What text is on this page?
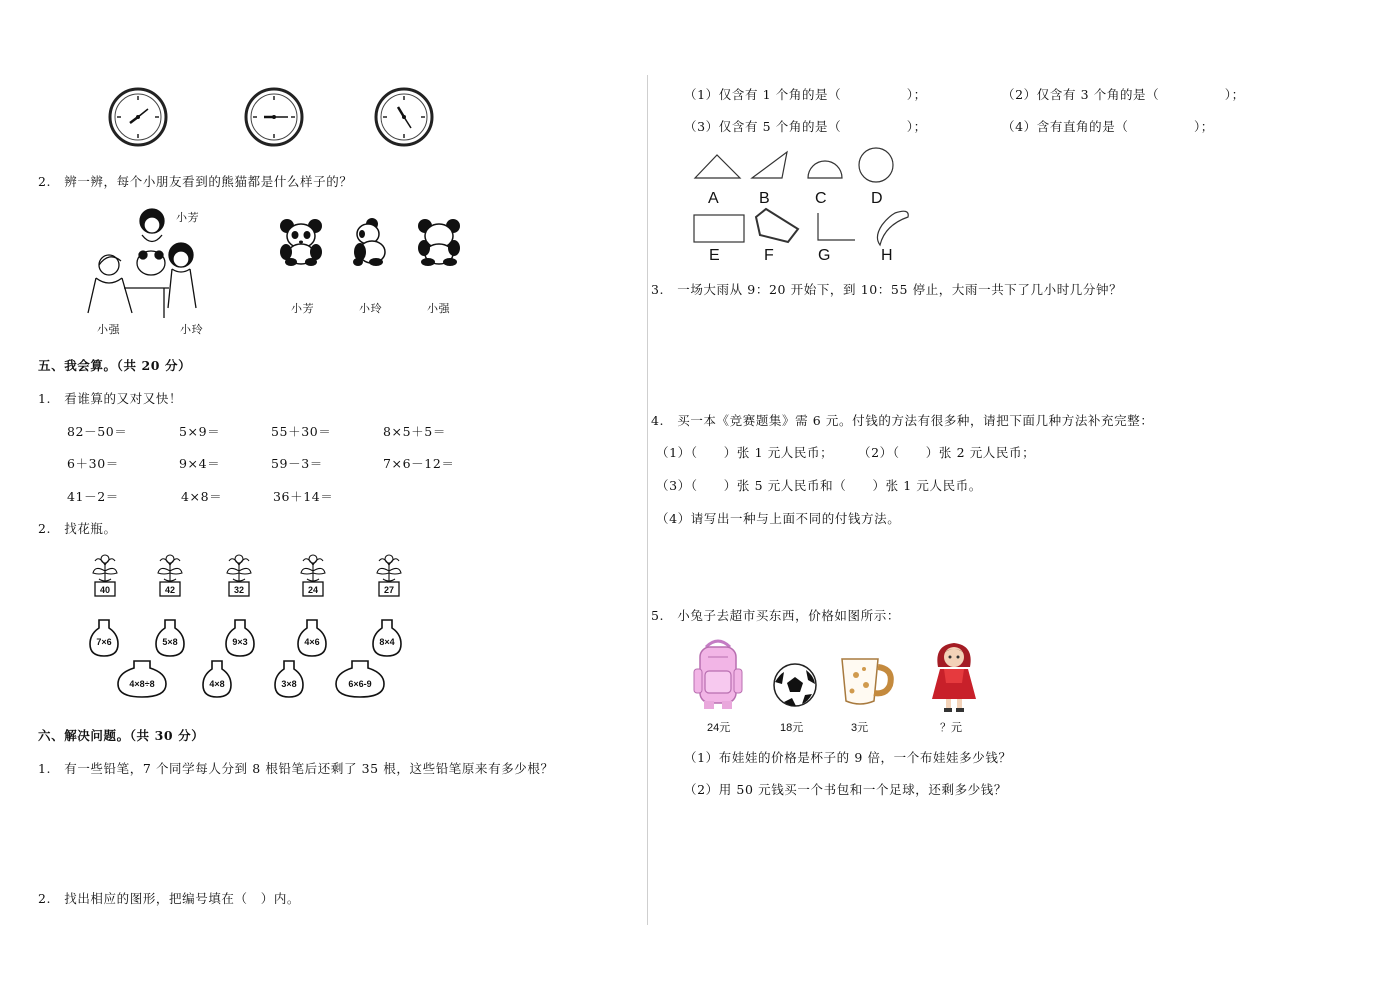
2.　辨一辨，每个小朋友看到的熊猫都是什么样子的？
小芳
小强	小玲
小芳	小玲	小强
五、我会算。（共 20 分）
1.　看谁算的又对又快！
82－50＝	5×9＝	55＋30＝	8×5＋5＝
6＋30＝	9×4＝	59－3＝	7×6－12＝
41－2＝	4×8＝	36＋14＝
2.　找花瓶。
40	42	32	24	27
7×6	5×8	9×3	4×6	8×4
4×8÷8	4×8	3×8	6×6-9
六、解决问题。（共 30 分）
1.　有一些铅笔，7 个同学每人分到 8 根铅笔后还剩了 35 根，这些铅笔原来有多少根？
2.　找出相应的图形，把编号填在（　）内。
（1）仅含有 1 个角的是（　　　　　）；	（2）仅含有 3 个角的是（　　　　　）；
（3）仅含有 5 个角的是（　　　　　）；	（4）含有直角的是（　　　　　）；
A	B	C	D
E	F	G	H
3.　一场大雨从 9：20 开始下，到 10：55 停止，大雨一共下了几小时几分钟？
4.　买一本《竞赛题集》需 6 元。付钱的方法有很多种，请把下面几种方法补充完整：
（1）（　　）张 1 元人民币； （2）（　　）张 2 元人民币；
（3）（　　）张 5 元人民币和（　　）张 1 元人民币。
（4）请写出一种与上面不同的付钱方法。
5.　小兔子去超市买东西，价格如图所示：
24元	18元	3元	？元
（1）布娃娃的价格是杯子的 9 倍，一个布娃娃多少钱？
（2）用 50 元钱买一个书包和一个足球，还剩多少钱？
